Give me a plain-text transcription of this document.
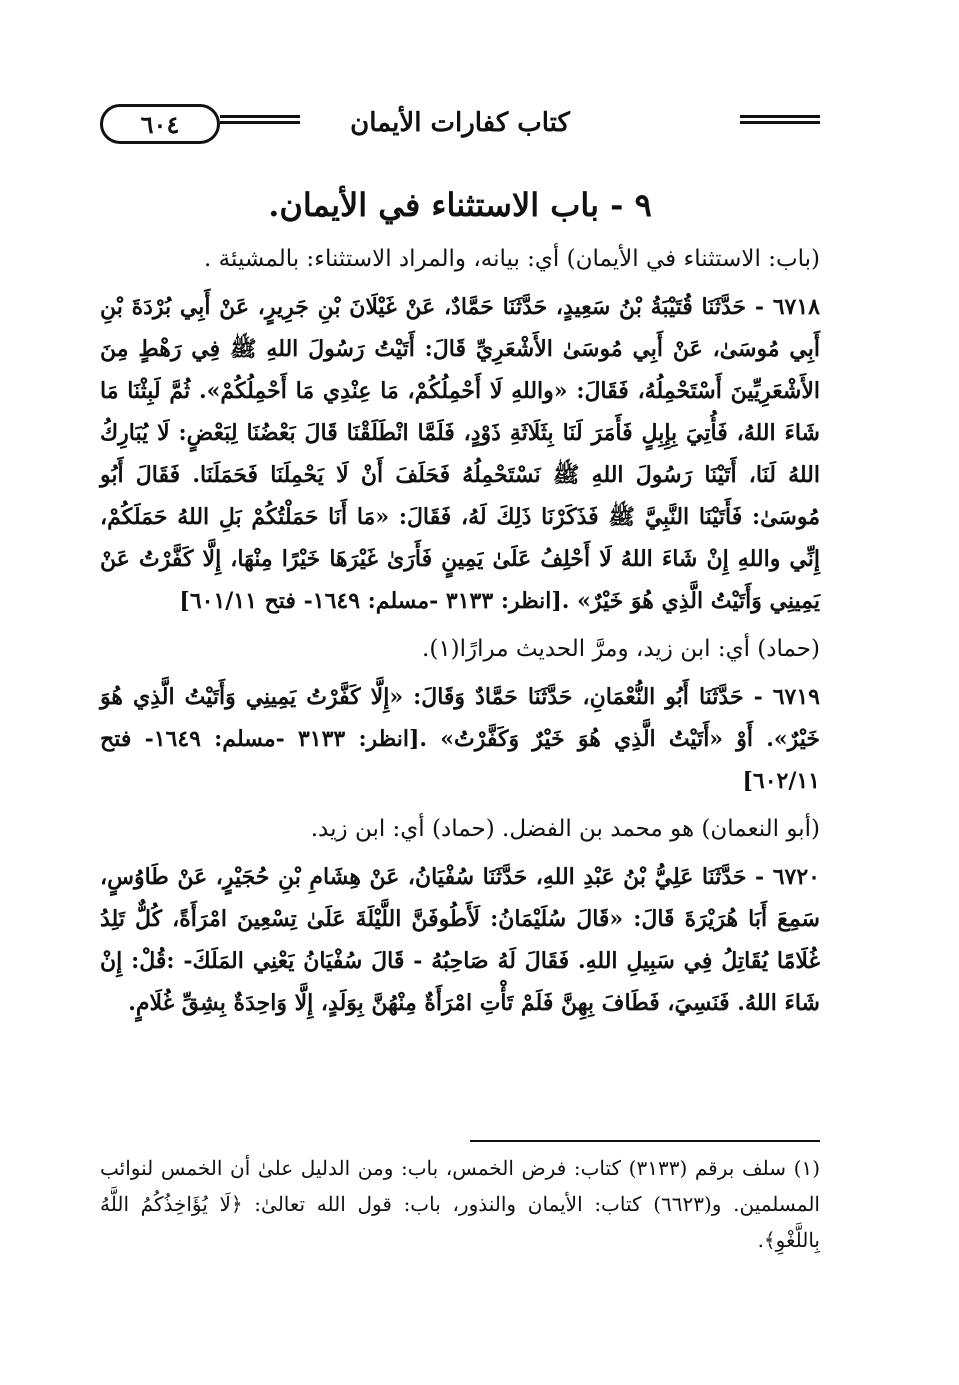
٦٠٤	كتاب كفارات الأيمان
٩ - باب الاستثناء في الأيمان.

(باب: الاستثناء في الأيمان) أي: بيانه، والمراد الاستثناء: بالمشيئة .

٦٧١٨ - حَدَّثَنَا قُتَيْبَةُ بْنُ سَعِيدٍ، حَدَّثَنَا حَمَّادٌ، عَنْ غَيْلَانَ بْنِ جَرِيرٍ، عَنْ أَبِي بُرْدَةَ بْنِ أَبِي مُوسَىٰ، عَنْ أَبِي مُوسَىٰ الأَشْعَرِيِّ قَالَ: أَتَيْتُ رَسُولَ اللهِ ﷺ فِي رَهْطٍ مِنَ الأَشْعَرِيِّينَ أَسْتَحْمِلُهُ، فَقَالَ: «واللهِ لَا أَحْمِلُكُمْ، مَا عِنْدِي مَا أَحْمِلُكُمْ». ثُمَّ لَبِثْنَا مَا شَاءَ اللهُ، فَأُتِيَ بِإِبِلٍ فَأَمَرَ لَنَا بِثَلَاثَةِ ذَوْدٍ، فَلَمَّا انْطَلَقْنَا قَالَ بَعْضُنَا لِبَعْضٍ: لَا يُبَارِكُ اللهُ لَنَا، أَتَيْنَا رَسُولَ اللهِ ﷺ نَسْتَحْمِلُهُ فَحَلَفَ أَنْ لَا يَحْمِلَنَا فَحَمَلَنَا. فَقَالَ أَبُو مُوسَىٰ: فَأَتَيْنَا النَّبِيَّ ﷺ فَذَكَرْنَا ذَلِكَ لَهُ، فَقَالَ: «مَا أَنَا حَمَلْتُكُمْ بَلِ اللهُ حَمَلَكُمْ، إِنِّي واللهِ إِنْ شَاءَ اللهُ لَا أَحْلِفُ عَلَىٰ يَمِينٍ فَأَرَىٰ غَيْرَهَا خَيْرًا مِنْهَا، إِلَّا كَفَّرْتُ عَنْ يَمِينِي وَأَتَيْتُ الَّذِي هُوَ خَيْرٌ» .[انظر: ٣١٣٣ -مسلم: ١٦٤٩- فتح ٦٠١/١١]

(حماد) أي: ابن زيد، ومرَّ الحديث مرارًا(١).

٦٧١٩ - حَدَّثَنَا أَبُو النُّعْمَانِ، حَدَّثَنَا حَمَّادٌ وَقَالَ: «إِلَّا كَفَّرْتُ يَمِينِي وَأَتَيْتُ الَّذِي هُوَ خَيْرٌ». أَوْ «أَتَيْتُ الَّذِي هُوَ خَيْرٌ وَكَفَّرْتُ» .[انظر: ٣١٣٣ -مسلم: ١٦٤٩- فتح ٦٠٢/١١]

(أبو النعمان) هو محمد بن الفضل. (حماد) أي: ابن زيد.

٦٧٢٠ - حَدَّثَنَا عَلِيُّ بْنُ عَبْدِ اللهِ، حَدَّثَنَا سُفْيَانُ، عَنْ هِشَامِ بْنِ حُجَيْرٍ، عَنْ طَاوُسٍ، سَمِعَ أَبَا هُرَيْرَةَ قَالَ: «قَالَ سُلَيْمَانُ: لَأَطُوفَنَّ اللَّيْلَةَ عَلَىٰ تِسْعِينَ امْرَأَةً، كُلٌّ تَلِدُ غُلَامًا يُقَاتِلُ فِي سَبِيلِ اللهِ. فَقَالَ لَهُ صَاحِبُهُ - قَالَ سُفْيَانُ يَعْنِي المَلَكَ- :قُلْ: إِنْ شَاءَ اللهُ. فَنَسِيَ، فَطَافَ بِهِنَّ فَلَمْ تَأْتِ امْرَأَةٌ مِنْهُنَّ بِوَلَدٍ، إِلَّا وَاحِدَةٌ بِشِقِّ غُلَامٍ.

(١) سلف برقم (٣١٣٣) كتاب: فرض الخمس، باب: ومن الدليل علىٰ أن الخمس لنوائب المسلمين. و(٦٦٢٣) كتاب: الأيمان والنذور، باب: قول الله تعالىٰ: ﴿لَا يُؤَاخِذُكُمُ اللَّهُ بِاللَّغْوِ﴾.
